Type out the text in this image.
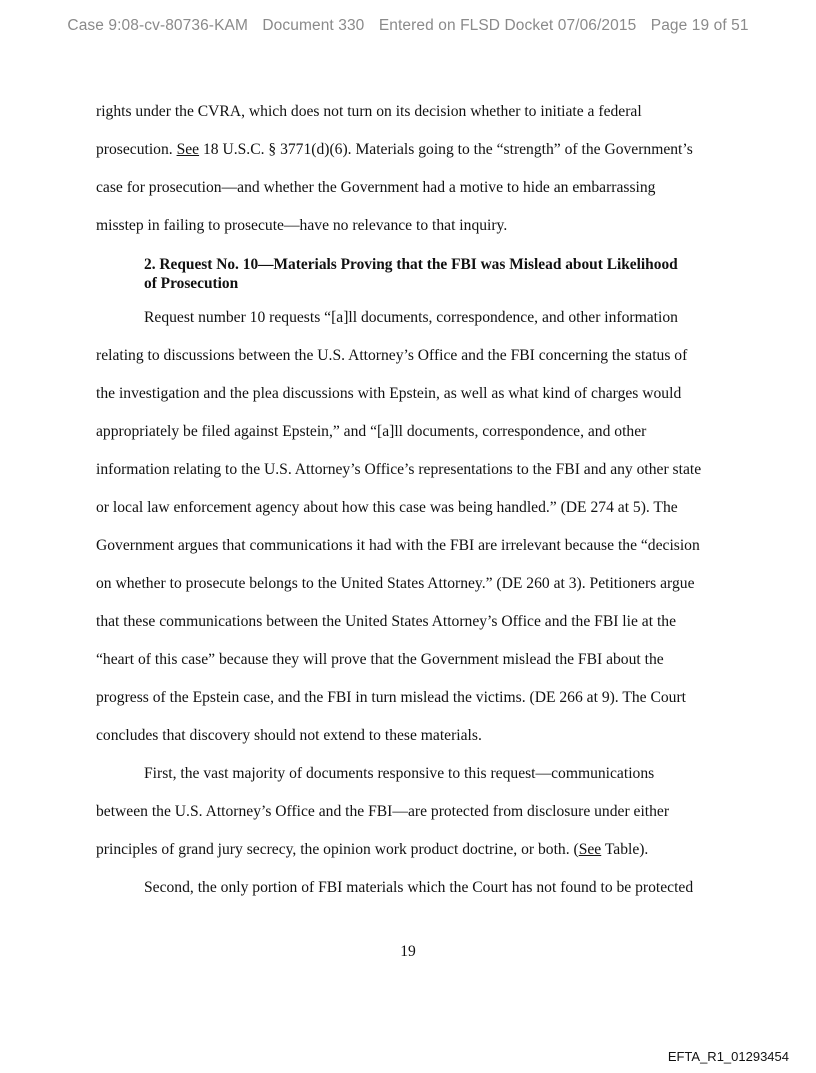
Case 9:08-cv-80736-KAM Document 330 Entered on FLSD Docket 07/06/2015 Page 19 of 51

rights under the CVRA, which does not turn on its decision whether to initiate a federal

prosecution. See 18 U.S.C. § 3771(d)(6). Materials going to the “strength” of the Government’s

case for prosecution—and whether the Government had a motive to hide an embarrassing

misstep in failing to prosecute—have no relevance to that inquiry.

2. Request No. 10—Materials Proving that the FBI was Mislead about Likelihood
of Prosecution

Request number 10 requests “[a]ll documents, correspondence, and other information

relating to discussions between the U.S. Attorney’s Office and the FBI concerning the status of

the investigation and the plea discussions with Epstein, as well as what kind of charges would

appropriately be filed against Epstein,” and “[a]ll documents, correspondence, and other

information relating to the U.S. Attorney’s Office’s representations to the FBI and any other state

or local law enforcement agency about how this case was being handled.” (DE 274 at 5). The

Government argues that communications it had with the FBI are irrelevant because the “decision

on whether to prosecute belongs to the United States Attorney.” (DE 260 at 3). Petitioners argue

that these communications between the United States Attorney’s Office and the FBI lie at the

“heart of this case” because they will prove that the Government mislead the FBI about the

progress of the Epstein case, and the FBI in turn mislead the victims. (DE 266 at 9). The Court

concludes that discovery should not extend to these materials.

First, the vast majority of documents responsive to this request—communications

between the U.S. Attorney’s Office and the FBI—are protected from disclosure under either

principles of grand jury secrecy, the opinion work product doctrine, or both. (See Table).

Second, the only portion of FBI materials which the Court has not found to be protected

19
EFTA_R1_01293454
